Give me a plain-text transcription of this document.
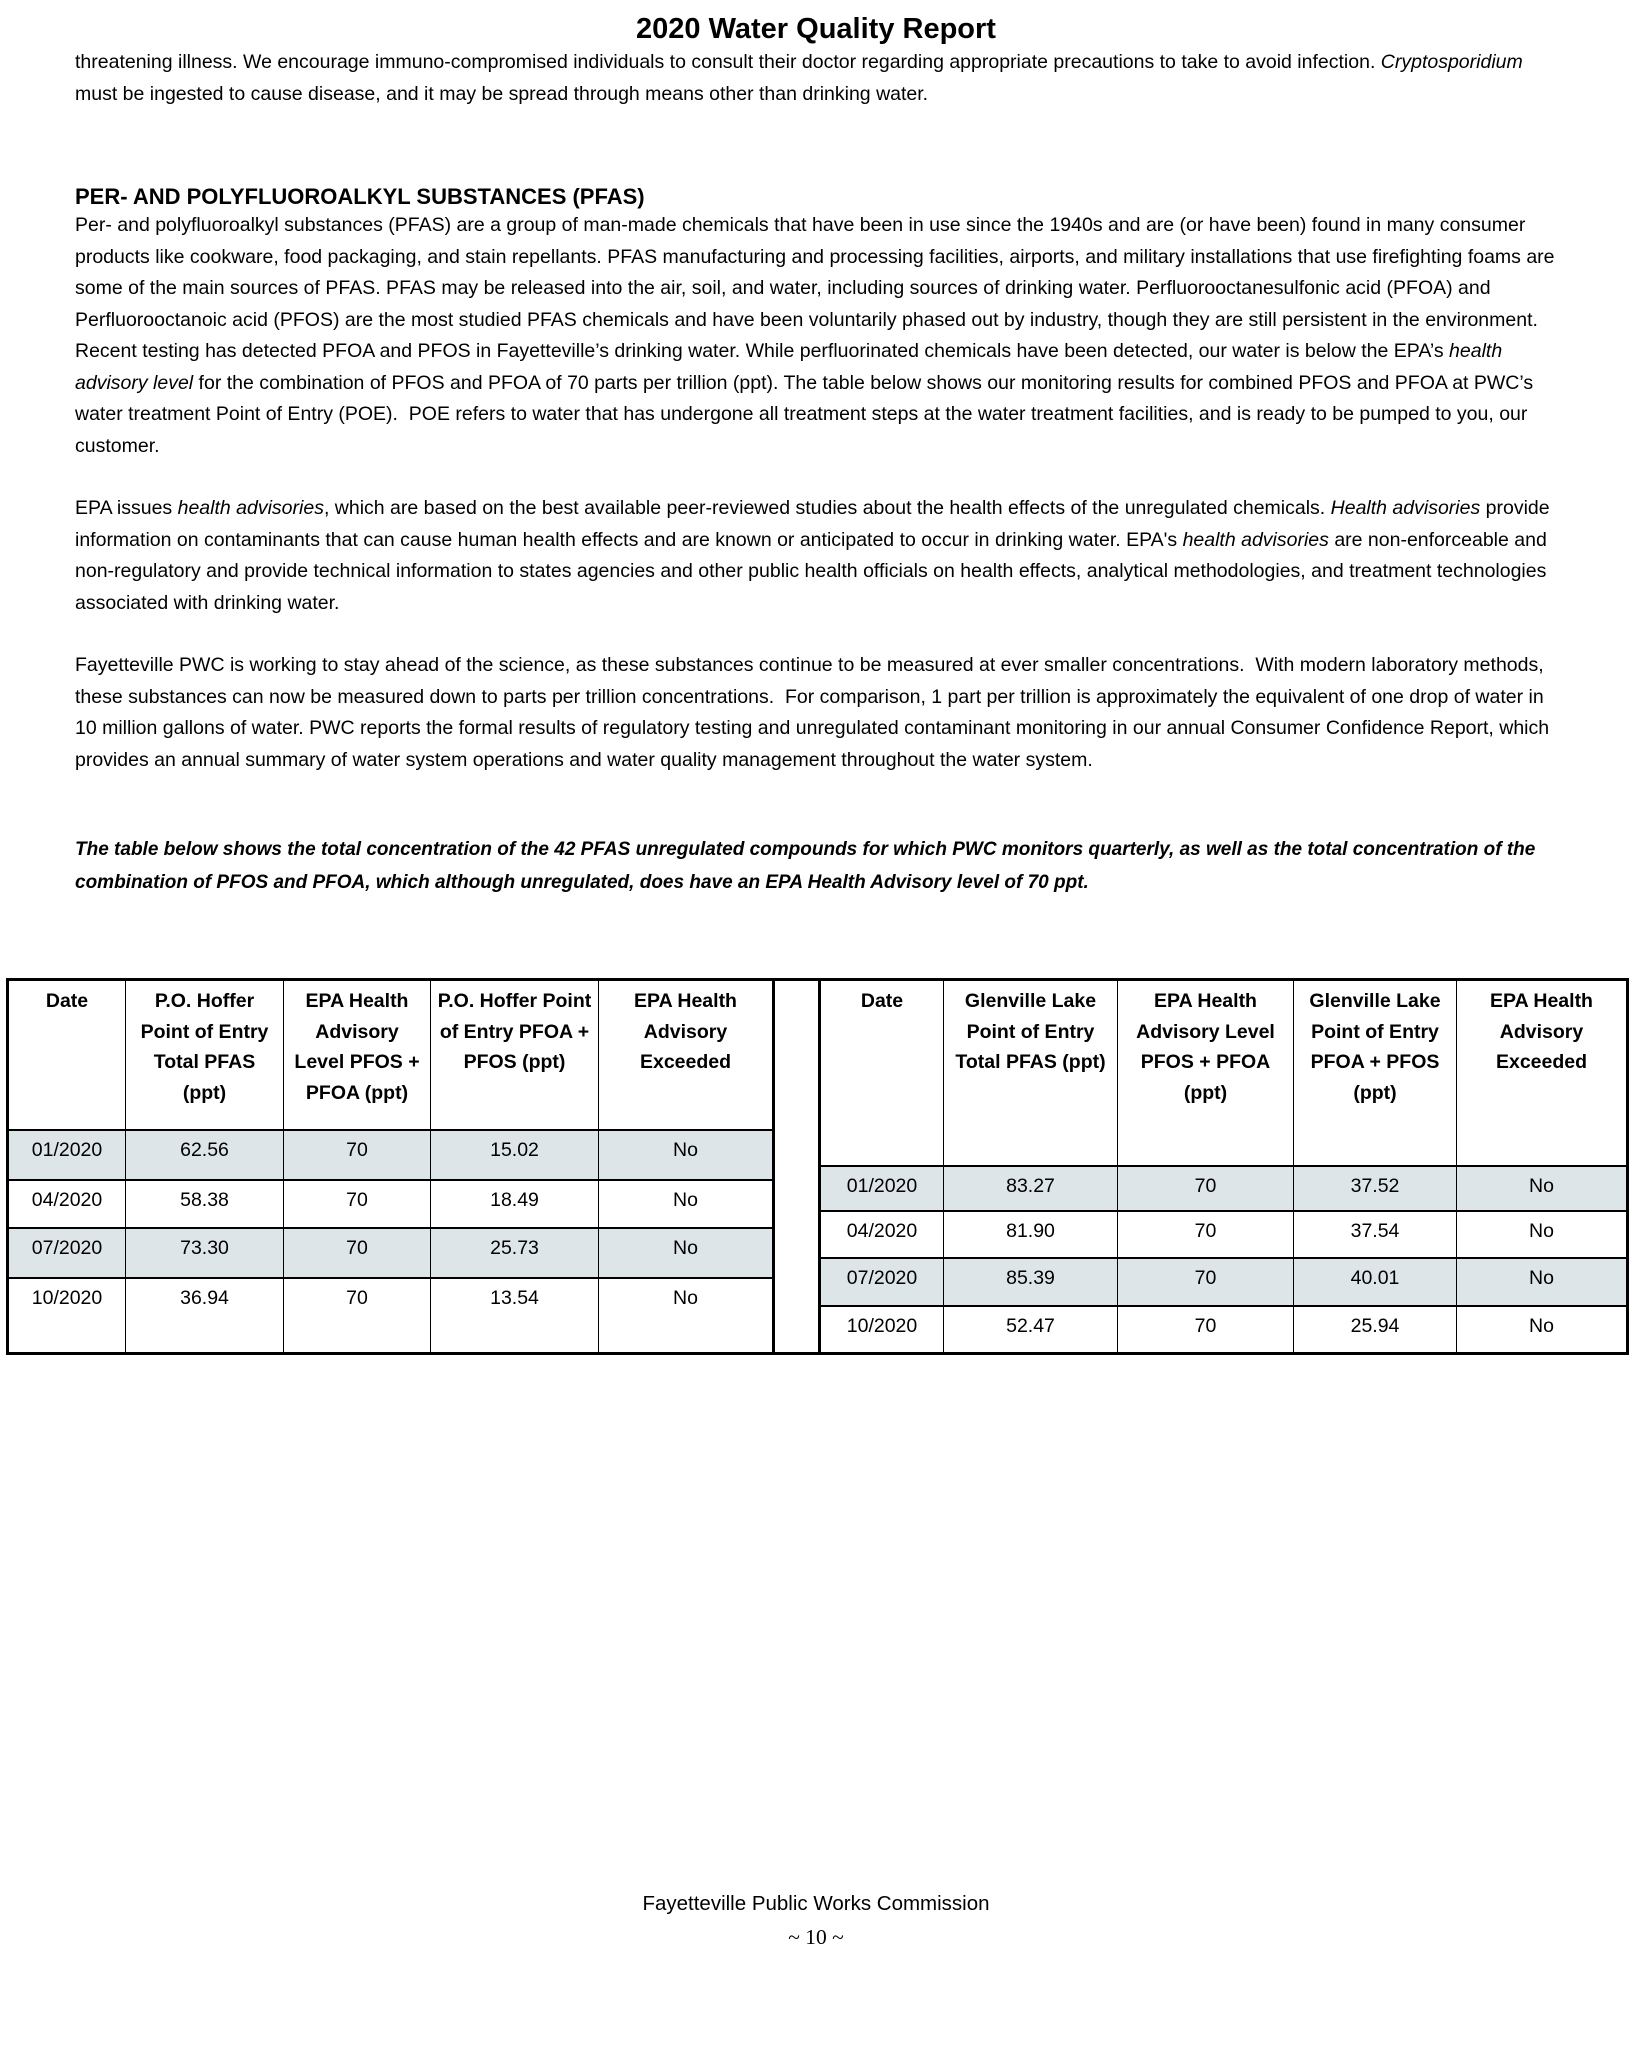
2020 Water Quality Report

threatening illness. We encourage immuno-compromised individuals to consult their doctor regarding appropriate precautions to take to avoid infection. Cryptosporidium must be ingested to cause disease, and it may be spread through means other than drinking water.

PER- AND POLYFLUOROALKYL SUBSTANCES (PFAS)

Per- and polyfluoroalkyl substances (PFAS) are a group of man-made chemicals that have been in use since the 1940s and are (or have been) found in many consumer products like cookware, food packaging, and stain repellants. PFAS manufacturing and processing facilities, airports, and military installations that use firefighting foams are some of the main sources of PFAS. PFAS may be released into the air, soil, and water, including sources of drinking water. Perfluorooctanesulfonic acid (PFOA) and Perfluorooctanoic acid (PFOS) are the most studied PFAS chemicals and have been voluntarily phased out by industry, though they are still persistent in the environment.

Recent testing has detected PFOA and PFOS in Fayetteville’s drinking water. While perfluorinated chemicals have been detected, our water is below the EPA’s health advisory level for the combination of PFOS and PFOA of 70 parts per trillion (ppt). The table below shows our monitoring results for combined PFOS and PFOA at PWC’s water treatment Point of Entry (POE).  POE refers to water that has undergone all treatment steps at the water treatment facilities, and is ready to be pumped to you, our customer.

EPA issues health advisories, which are based on the best available peer-reviewed studies about the health effects of the unregulated chemicals. Health advisories provide information on contaminants that can cause human health effects and are known or anticipated to occur in drinking water. EPA's health advisories are non-enforceable and non-regulatory and provide technical information to states agencies and other public health officials on health effects, analytical methodologies, and treatment technologies associated with drinking water.

Fayetteville PWC is working to stay ahead of the science, as these substances continue to be measured at ever smaller concentrations.  With modern laboratory methods, these substances can now be measured down to parts per trillion concentrations.  For comparison, 1 part per trillion is approximately the equivalent of one drop of water in 10 million gallons of water. PWC reports the formal results of regulatory testing and unregulated contaminant monitoring in our annual Consumer Confidence Report, which provides an annual summary of water system operations and water quality management throughout the water system.

The table below shows the total concentration of the 42 PFAS unregulated compounds for which PWC monitors quarterly, as well as the total concentration of the combination of PFOS and PFOA, which although unregulated, does have an EPA Health Advisory level of 70 ppt.

Date	P.O. Hoffer Point of Entry Total PFAS (ppt)	EPA Health Advisory Level PFOS + PFOA (ppt)	P.O. Hoffer Point of Entry PFOA + PFOS (ppt)	EPA Health Advisory Exceeded
01/2020	62.56	70	15.02	No
04/2020	58.38	70	18.49	No
07/2020	73.30	70	25.73	No
10/2020	36.94	70	13.54	No
Date	Glenville Lake Point of Entry Total PFAS (ppt)	EPA Health Advisory Level PFOS + PFOA (ppt)	Glenville Lake Point of Entry PFOA + PFOS (ppt)	EPA Health Advisory Exceeded
01/2020	83.27	70	37.52	No
04/2020	81.90	70	37.54	No
07/2020	85.39	70	40.01	No
10/2020	52.47	70	25.94	No
Fayetteville Public Works Commission
~ 10 ~
